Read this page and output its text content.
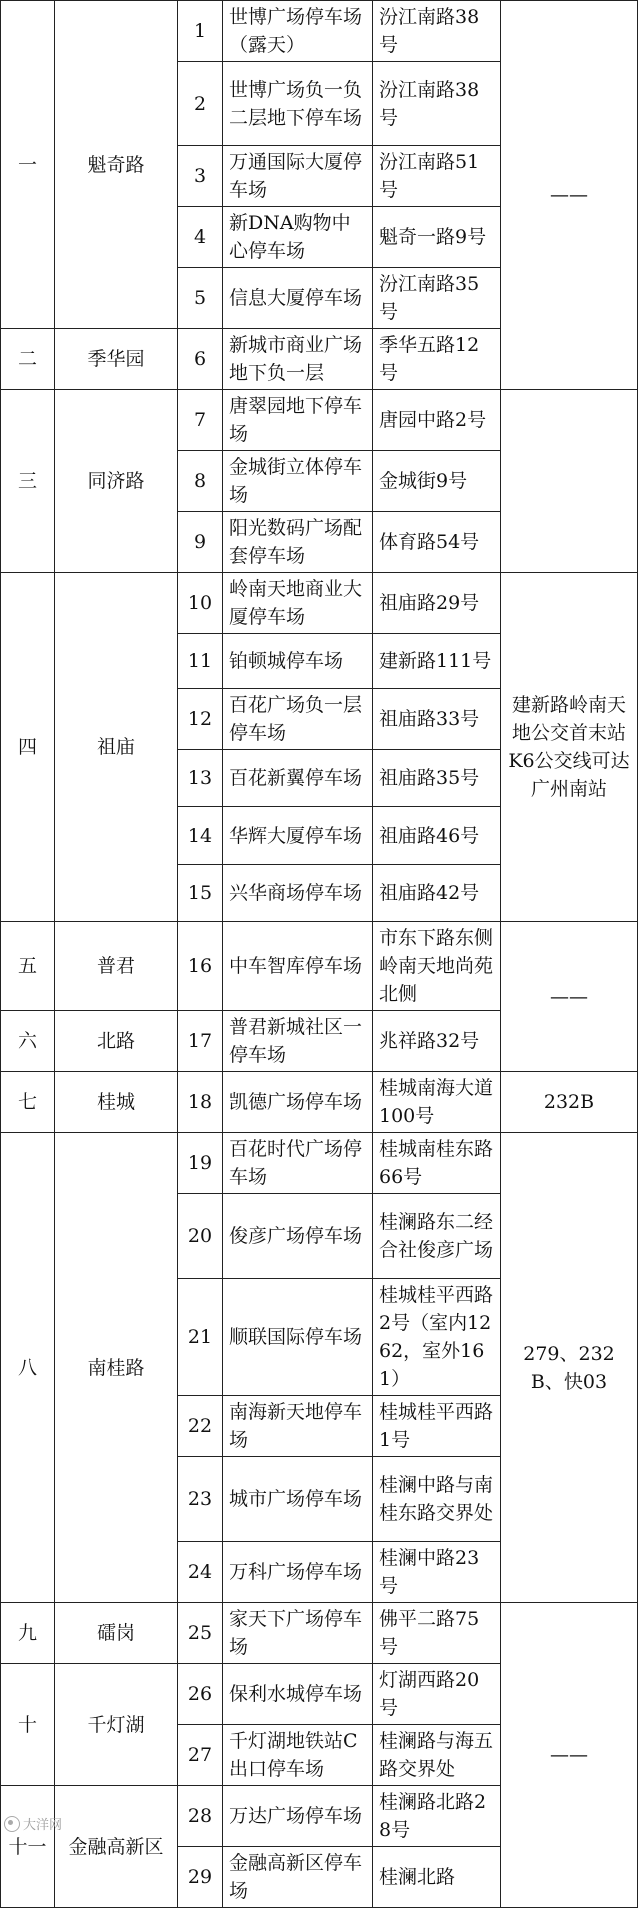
一	魁奇路	1	世博广场停车场（露天）	汾江南路38号	——
		2	世博广场负一负二层地下停车场	汾江南路38号	
		3	万通国际大厦停车场	汾江南路51号	
		4	新DNA购物中心停车场	魁奇一路9号	
		5	信息大厦停车场	汾江南路35号	
二	季华园	6	新城市商业广场地下负一层	季华五路12号	
三	同济路	7	唐翠园地下停车场	唐园中路2号	
		8	金城街立体停车场	金城街9号	
		9	阳光数码广场配套停车场	体育路54号	
四	祖庙	10	岭南天地商业大厦停车场	祖庙路29号	建新路岭南天地公交首末站K6公交线可达广州南站
		11	铂顿城停车场	建新路111号	
		12	百花广场负一层停车场	祖庙路33号	
		13	百花新翼停车场	祖庙路35号	
		14	华辉大厦停车场	祖庙路46号	
		15	兴华商场停车场	祖庙路42号	
五	普君	16	中车智库停车场	市东下路东侧岭南天地尚苑北侧	——
六	北路	17	普君新城社区一停车场	兆祥路32号	
七	桂城	18	凯德广场停车场	桂城南海大道100号	232B
八	南桂路	19	百花时代广场停车场	桂城南桂东路66号	279、232B、快03
		20	俊彦广场停车场	桂澜路东二经合社俊彦广场	
		21	顺联国际停车场	桂城桂平西路2号（室内1262，室外161）	
		22	南海新天地停车场	桂城桂平西路1号	
		23	城市广场停车场	桂澜中路与南桂东路交界处	
		24	万科广场停车场	桂澜中路23号	
九	礌岗	25	家天下广场停车场	佛平二路75号	——
十	千灯湖	26	保利水城停车场	灯湖西路20号	
		27	千灯湖地铁站C出口停车场	桂澜路与海五路交界处	
十一	金融高新区	28	万达广场停车场	桂澜路北路28号	
		29	金融高新区停车场	桂澜北路	
大洋网
